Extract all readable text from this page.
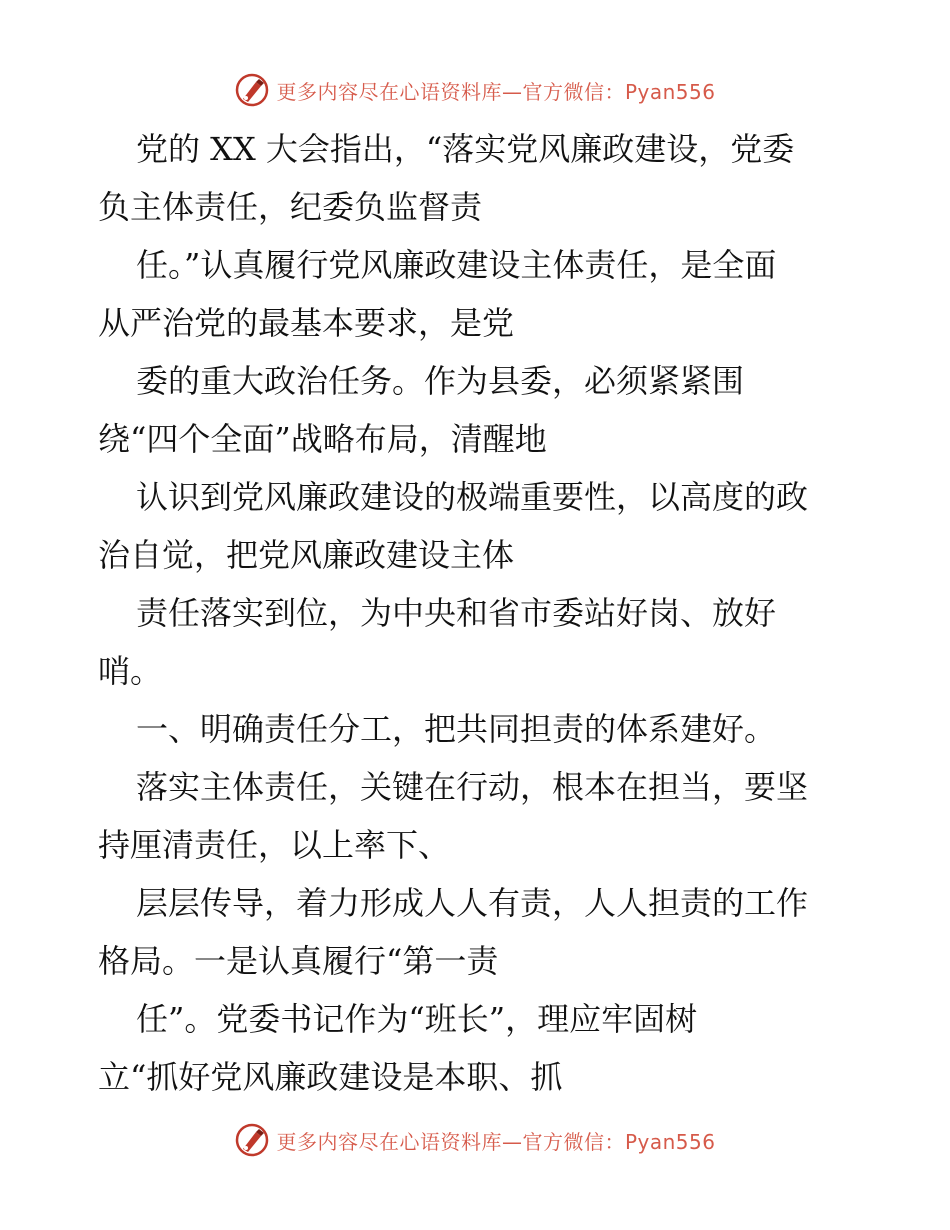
更多内容尽在心语资料库—官方微信：Pyan556
党的 XX 大会指出，“落实党风廉政建设，党委
负主体责任，纪委负监督责
任。”认真履行党风廉政建设主体责任，是全面
从严治党的最基本要求，是党
委的重大政治任务。作为县委，必须紧紧围
绕“四个全面”战略布局，清醒地
认识到党风廉政建设的极端重要性，以高度的政
治自觉，把党风廉政建设主体
责任落实到位，为中央和省市委站好岗、放好
哨。
一、明确责任分工，把共同担责的体系建好。
落实主体责任，关键在行动，根本在担当，要坚
持厘清责任，以上率下、
层层传导，着力形成人人有责，人人担责的工作
格局。一是认真履行“第一责
任”。党委书记作为“班长”，理应牢固树
立“抓好党风廉政建设是本职、抓
更多内容尽在心语资料库—官方微信：Pyan556
